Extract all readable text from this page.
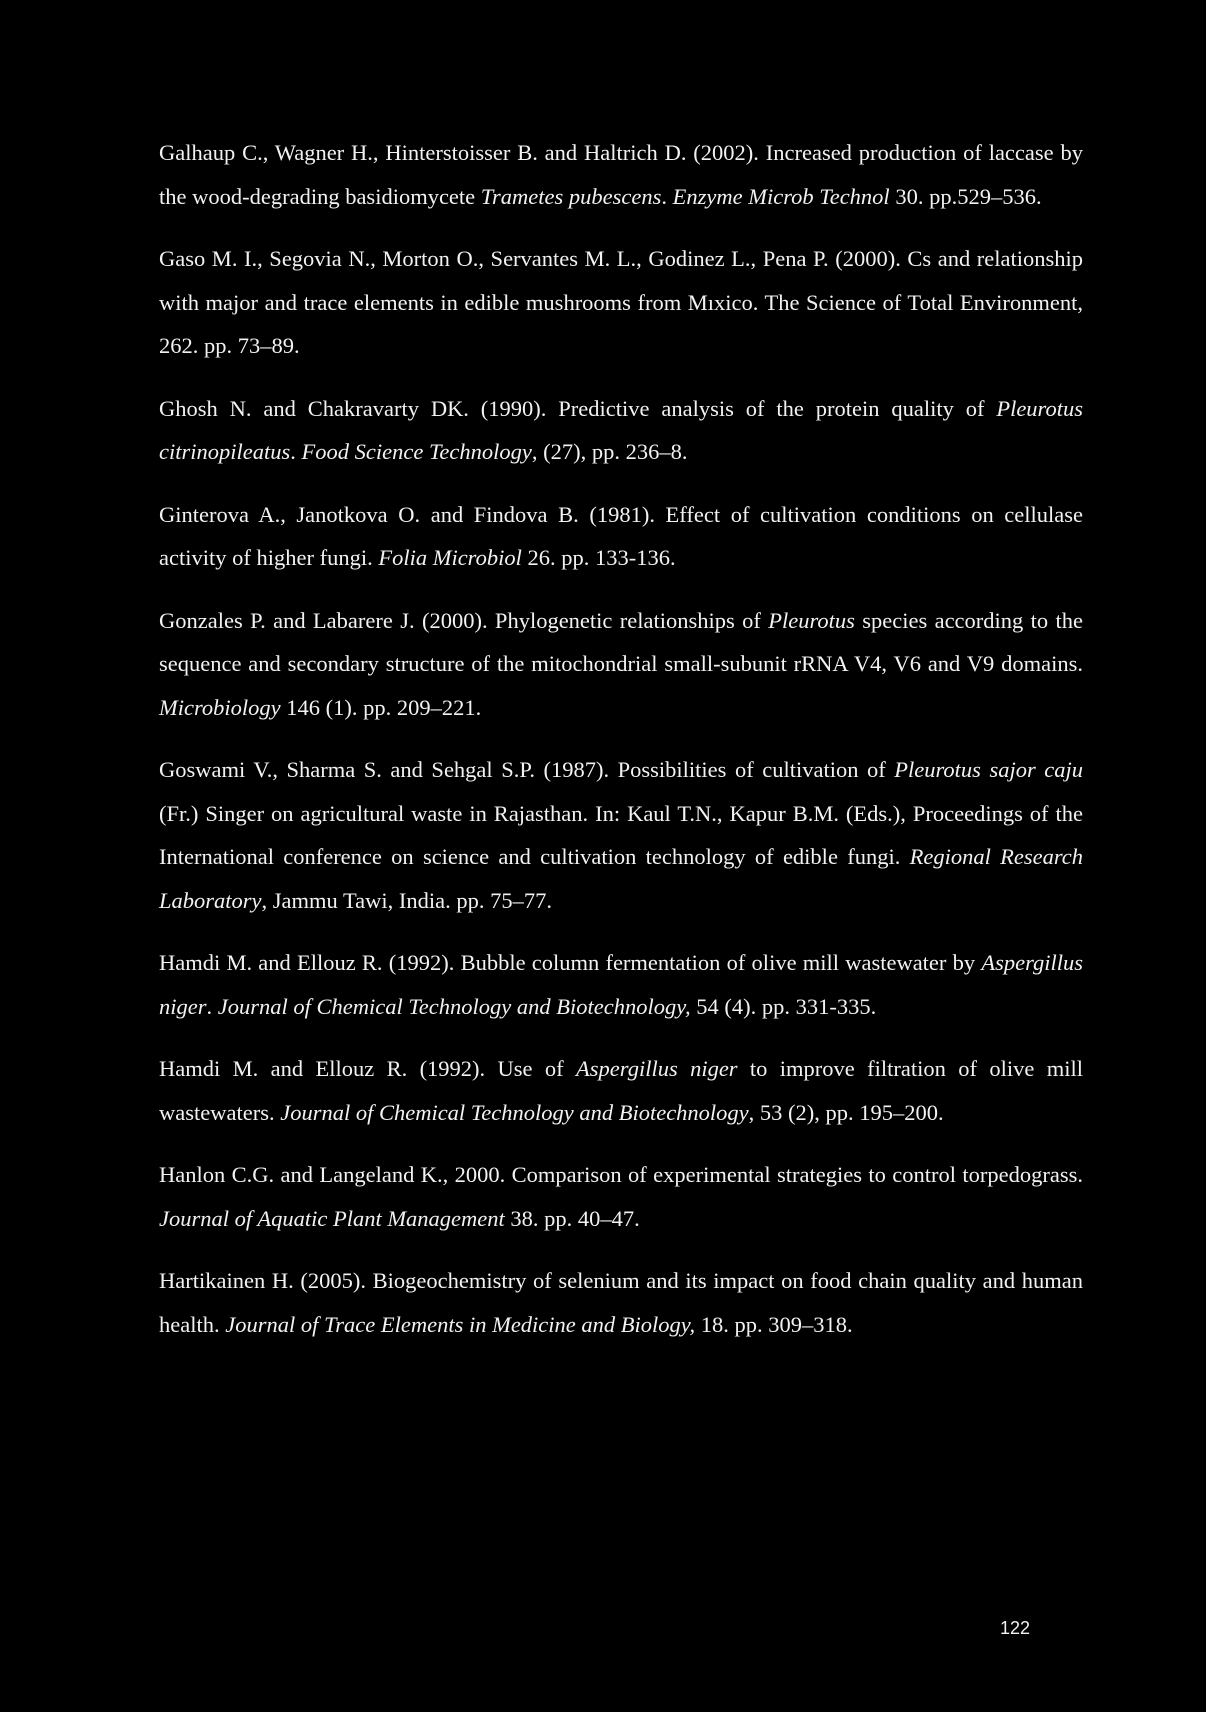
Galhaup C., Wagner H., Hinterstoisser B. and Haltrich D. (2002). Increased production of laccase by the wood-degrading basidiomycete Trametes pubescens. Enzyme Microb Technol 30. pp.529–536.
Gaso M. I., Segovia N., Morton O., Servantes M. L., Godinez L., Pena P. (2000). Cs and relationship with major and trace elements in edible mushrooms from Mıxico. The Science of Total Environment, 262. pp. 73–89.
Ghosh N. and Chakravarty DK. (1990). Predictive analysis of the protein quality of Pleurotus citrinopileatus. Food Science Technology, (27), pp. 236–8.
Ginterova A., Janotkova O. and Findova B. (1981). Effect of cultivation conditions on cellulase activity of higher fungi. Folia Microbiol 26. pp. 133-136.
Gonzales P. and Labarere J. (2000). Phylogenetic relationships of Pleurotus species according to the sequence and secondary structure of the mitochondrial small-subunit rRNA V4, V6 and V9 domains. Microbiology 146 (1). pp. 209–221.
Goswami V., Sharma S. and Sehgal S.P. (1987). Possibilities of cultivation of Pleurotus sajor caju (Fr.) Singer on agricultural waste in Rajasthan. In: Kaul T.N., Kapur B.M. (Eds.), Proceedings of the International conference on science and cultivation technology of edible fungi. Regional Research Laboratory, Jammu Tawi, India. pp. 75–77.
Hamdi M. and Ellouz R. (1992). Bubble column fermentation of olive mill wastewater by Aspergillus niger. Journal of Chemical Technology and Biotechnology, 54 (4). pp. 331-335.
Hamdi M. and Ellouz R. (1992). Use of Aspergillus niger to improve filtration of olive mill wastewaters. Journal of Chemical Technology and Biotechnology, 53 (2), pp. 195–200.
Hanlon C.G. and Langeland K., 2000. Comparison of experimental strategies to control torpedograss. Journal of Aquatic Plant Management 38. pp. 40–47.
Hartikainen H. (2005). Biogeochemistry of selenium and its impact on food chain quality and human health. Journal of Trace Elements in Medicine and Biology, 18. pp. 309–318.
122
